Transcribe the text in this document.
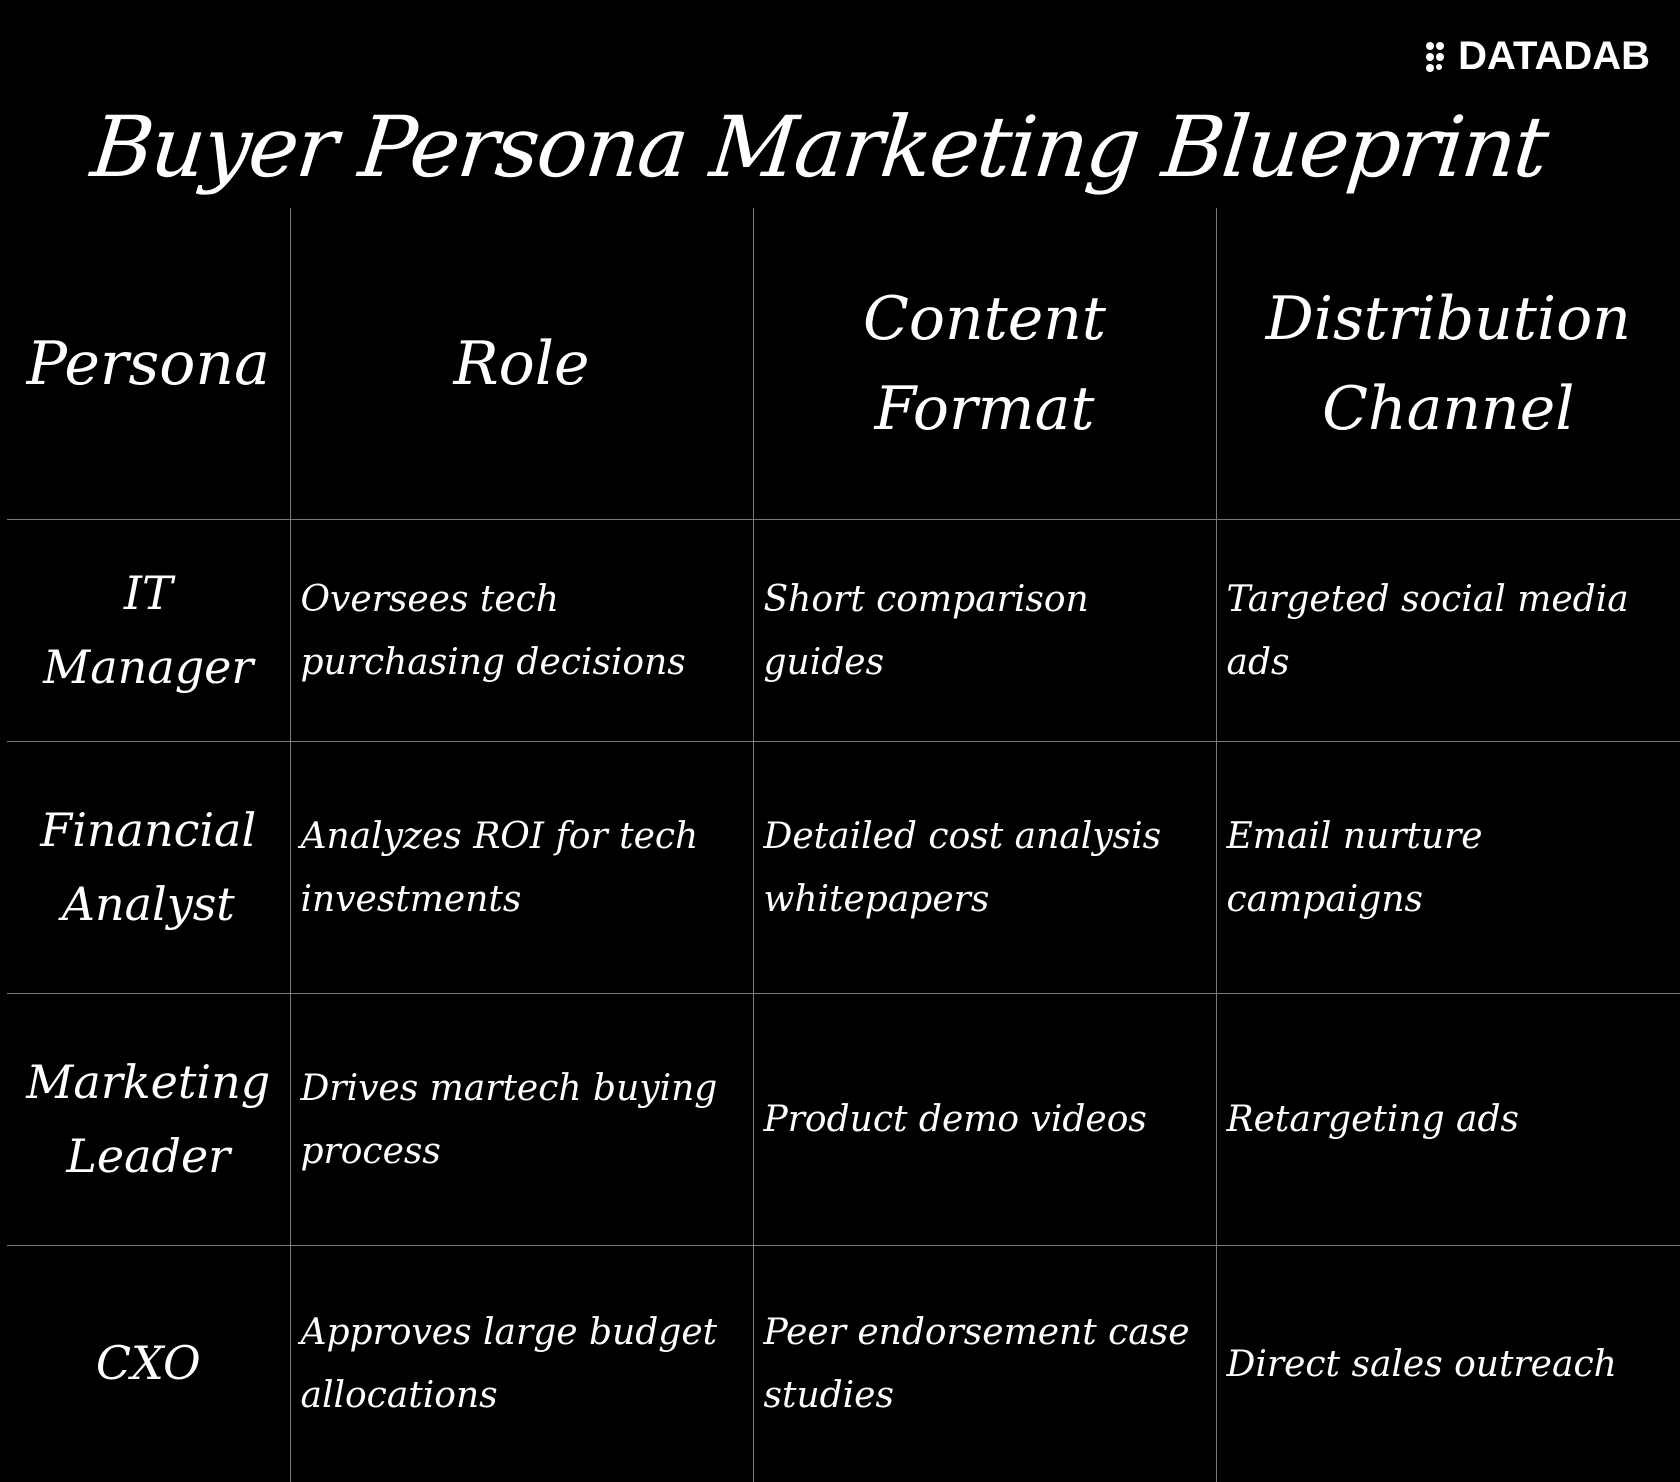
Buyer Persona Marketing Blueprint
DATADAB
Persona	Role	Content Format	Distribution Channel
IT Manager	Oversees tech purchasing decisions	Short comparison guides	Targeted social media ads
Financial Analyst	Analyzes ROI for tech investments	Detailed cost analysis whitepapers	Email nurture campaigns
Marketing Leader	Drives martech buying process	Product demo videos	Retargeting ads
CXO	Approves large budget allocations	Peer endorsement case studies	Direct sales outreach
